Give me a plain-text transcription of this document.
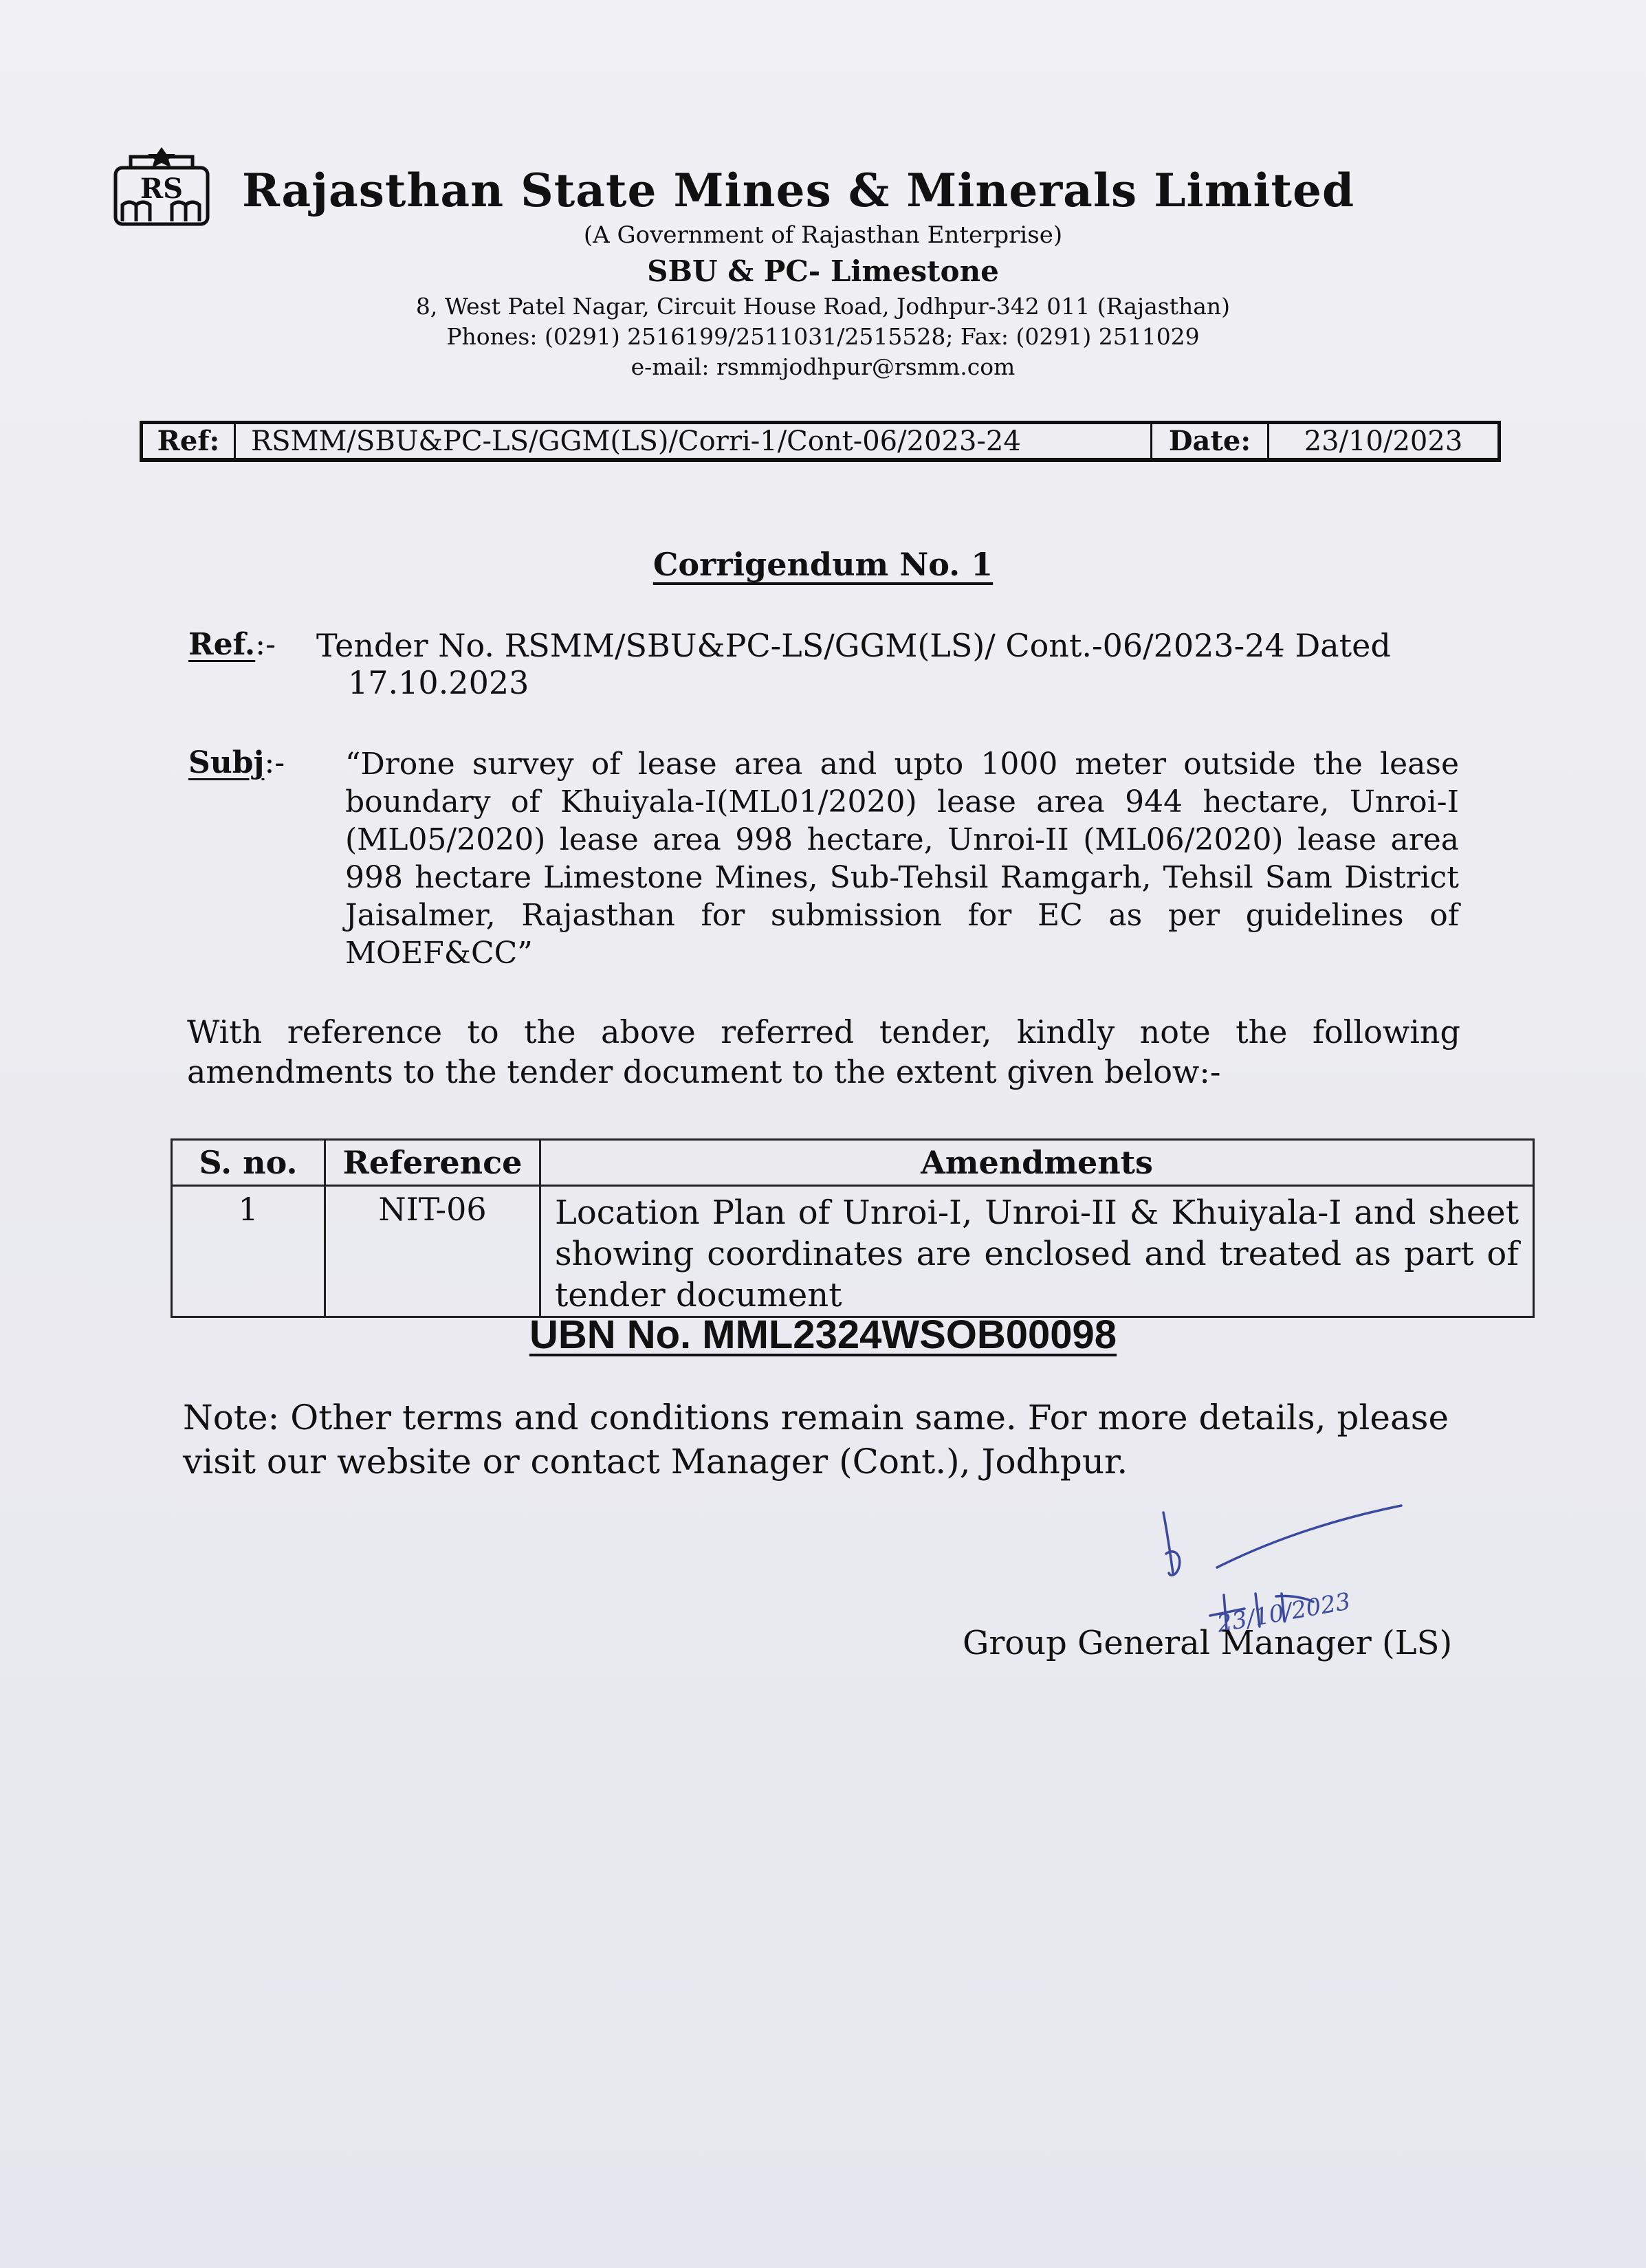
RS Rajasthan State Mines & Minerals Limited
(A Government of Rajasthan Enterprise)
SBU & PC- Limestone
8, West Patel Nagar, Circuit House Road, Jodhpur-342 011 (Rajasthan)
Phones: (0291) 2516199/2511031/2515528; Fax: (0291) 2511029
e-mail: rsmmjodhpur@rsmm.com
Ref:	RSMM/SBU&PC-LS/GGM(LS)/Corri-1/Cont-06/2023-24	Date:	23/10/2023
Corrigendum No. 1
Ref.:- Tender No. RSMM/SBU&PC-LS/GGM(LS)/ Cont.-06/2023-24 Dated
17.10.2023
Subj:- “Drone survey of lease area and upto 1000 meter outside the lease boundary of Khuiyala-I(ML01/2020) lease area 944 hectare, Unroi-I (ML05/2020) lease area 998 hectare, Unroi-II (ML06/2020) lease area 998 hectare Limestone Mines, Sub-Tehsil Ramgarh, Tehsil Sam District Jaisalmer, Rajasthan for submission for EC as per guidelines of MOEF&CC”
With reference to the above referred tender, kindly note the following amendments to the tender document to the extent given below:-
S. no.	Reference	Amendments
1	NIT-06	Location Plan of Unroi-I, Unroi-II & Khuiyala-I and sheet showing coordinates are enclosed and treated as part of tender document
UBN No. MML2324WSOB00098
Note: Other terms and conditions remain same. For more details, please visit our website or contact Manager (Cont.), Jodhpur.
23/10/2023
Group General Manager (LS)
